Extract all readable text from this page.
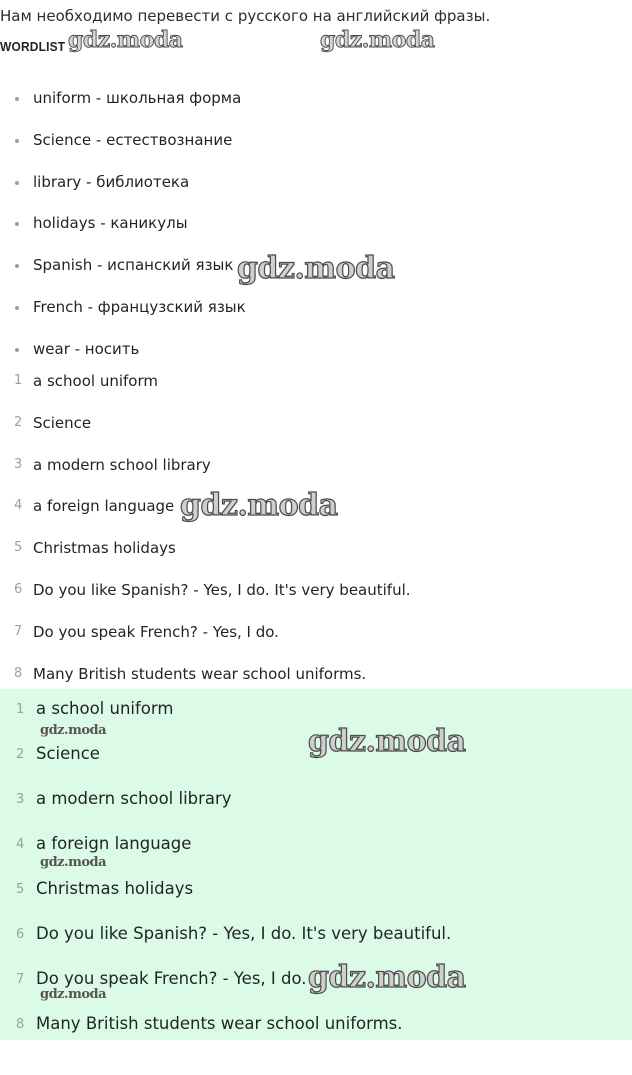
Нам необходимо перевести с русского на английский фразы.
WORDLIST
uniform - школьная форма
Science - естествознание
library - библиотека
holidays - каникулы
Spanish - испанский язык
French - французский язык
wear - носить
1 a school uniform
2 Science
3 a modern school library
4 a foreign language
5 Christmas holidays
6 Do you like Spanish? - Yes, I do. It's very beautiful.
7 Do you speak French? - Yes, I do.
8 Many British students wear school uniforms.
1 a school uniform
2 Science
3 a modern school library
4 a foreign language
5 Christmas holidays
6 Do you like Spanish? - Yes, I do. It's very beautiful.
7 Do you speak French? - Yes, I do.
8 Many British students wear school uniforms.
gdz.moda	gdz.moda
gdz.moda
gdz.moda
gdz.moda	gdz.moda
gdz.moda
gdz.moda
gdz.moda
